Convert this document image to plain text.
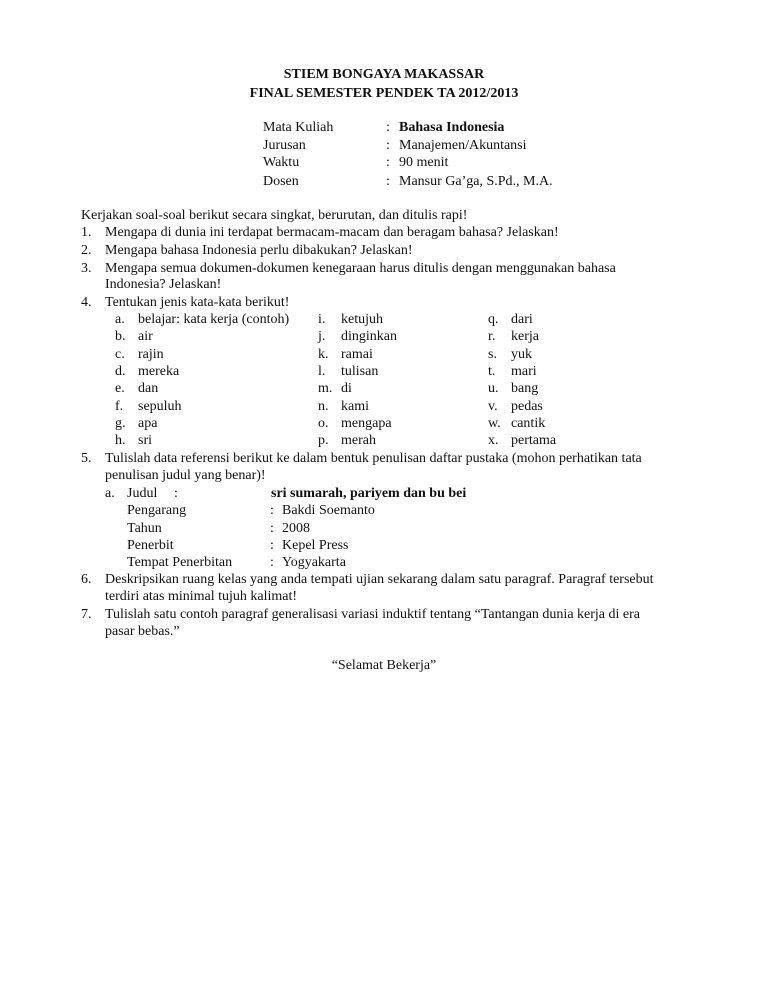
STIEM BONGAYA MAKASSAR
FINAL SEMESTER PENDEK TA 2012/2013
Mata Kuliah	: Bahasa Indonesia
Jurusan	: Manajemen/Akuntansi
Waktu	: 90 menit
Dosen	: Mansur Ga’ga, S.Pd., M.A.
Kerjakan soal-soal berikut secara singkat, berurutan, dan ditulis rapi!
1. Mengapa di dunia ini terdapat bermacam-macam dan beragam bahasa? Jelaskan!
2. Mengapa bahasa Indonesia perlu dibakukan? Jelaskan!
3. Mengapa semua dokumen-dokumen kenegaraan harus ditulis dengan menggunakan bahasa
Indonesia? Jelaskan!
4. Tentukan jenis kata-kata berikut!
a. belajar: kata kerja (contoh) i. ketujuh	q. dari
b. air	j. dinginkan	r. kerja
c. rajin	k. ramai	s. yuk
d. mereka	l. tulisan	t. mari
e. dan	m. di	u. bang
f. sepuluh	n. kami	v. pedas
g. apa	o. mengapa	w. cantik
h. sri	p. merah	x. pertama
5. Tulislah data referensi berikut ke dalam bentuk penulisan daftar pustaka (mohon perhatikan tata
penulisan judul yang benar)!
a. Judul :	sri sumarah, pariyem dan bu bei
Pengarang	: Bakdi Soemanto
Tahun	: 2008
Penerbit	: Kepel Press
Tempat Penerbitan	: Yogyakarta
6. Deskripsikan ruang kelas yang anda tempati ujian sekarang dalam satu paragraf. Paragraf tersebut
terdiri atas minimal tujuh kalimat!
7. Tulislah satu contoh paragraf generalisasi variasi induktif tentang “Tantangan dunia kerja di era
pasar bebas.”
“Selamat Bekerja”
